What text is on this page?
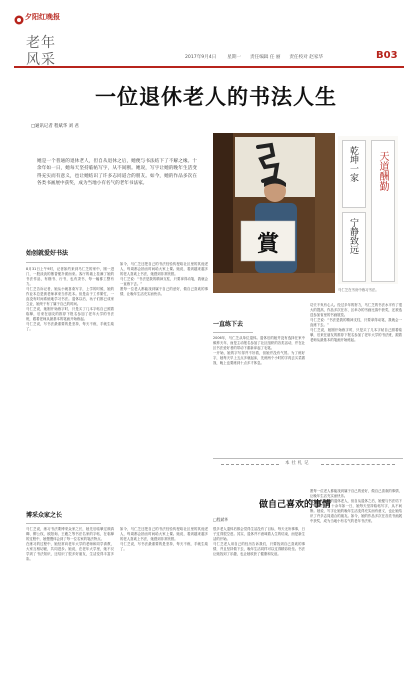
夕阳红晚报
老年风采	2017年9月4日 星期一 责任编辑 任 丽 责任校对 赵家华	B03
一位退休老人的书法人生
□通讯记者 程斌华 刘 君
她是一个普通的退休老人，但自从退休之后，她便与书法结下了不解之缘。十余年如一日，她每天坚持临帖写字，从不间断。她说，写字让她的晚年生活变得充实而有意义，也让她结识了许多志同道合的朋友。如今，她的作品多次在各类书画展中获奖，成为当地小有名气的老年书法家。
賞
乾坤一家	天道酬勤
宁静致远
马仁芝在书房中练习书法。
始创就爱好书法

8月31日上午9时，记者如约来到马仁芝的家中，刚一进门，一股淡淡的墨香便扑面而来。客厅的墙上挂满了她的书法作品，有楷书、行书，也有隶书，每一幅都工整有力。

马仁芝告诉记者，她从小就喜欢写字，上学的时候，她的作业本总是被老师拿来当作范本。但是由于工作繁忙，一直没有时间系统地学习书法。退休以后，孩子们都已成家立业，她终于有了属于自己的时间。

马仁芝说，她刚开始练字时，只是买了几本字帖自己照着临摹，后来在朋友的推荐下报名参加了老年大学的书法班，跟着老师从最基本的笔画开始练起。

马仁芝说，写书法最重要的是坚持，每天不练，手就生疏了。

如今，马仁芝还把自己的书法经验传授给社区里的其他老人，每周都会抽出时间给大家上课。她说，看到越来越多的老人喜欢上书法，她感到非常欣慰。

马仁芝说：“书法是我的精神支柱，只要拿得动笔，我就会一直练下去。”

愿每一位老人都能找到属于自己的爱好，做自己喜欢的事情，让晚年生活充实而快乐。

一直练下去

2006年，马仁芝从单位退休。退休后的她并没有选择在家中颐养天年，而是主动报名参加了社区组织的各类活动，并在社区书法爱好者的带动下重新拿起了毛笔。

一开始，她的字写得并不好看，但她并没有气馁。为了练好字，她每天早上五点多就起床，先练两个小时的字再去买菜做饭，晚上也要练到十点多才休息。

功夫不负有心人。经过多年的努力，马仁芝的书法水平有了很大的提高，作品多次在市、区举办的书画比赛中获奖，还被选送参加省里的书画展览。

马仁芝说：“书法是我的精神支柱，只要拿得动笔，我就会一直练下去。”

马仁芝说，她刚开始练字时，只是买了几本字帖自己照着临摹，后来在朋友的推荐下报名参加了老年大学的书法班，跟着老师从最基本的笔画开始练起。

博采众家之长

马仁芝说，练习书法要博采众家之长，她先后临摹过颜真卿、柳公权、欧阳询、王羲之等书法名家的字帖，在临摹的过程中，她慢慢体会到了每一位名家的笔法特点。

在练习的过程中，她经常向老年大学的老师和同学请教，大家互相切磋，共同进步。她说，在老年大学里，她不仅学到了书法知识，还结识了很多好朋友，生活变得丰富多彩。

如今，马仁芝还把自己的书法经验传授给社区里的其他老人，每周都会抽出时间给大家上课。她说，看到越来越多的老人喜欢上书法，她感到非常欣慰。

马仁芝说，写书法最重要的是坚持，每天不练，手就生疏了。

本社札记
做自己喜欢的事情
□程斌华

很多老人退休后都会觉得生活没有了目标，每天无所事事，日子过得很空虚。其实，退休并不意味着人生的结束，而是新生活的开始。

马仁芝老人用自己的经历告诉我们，只要找到自己喜欢的事情，并且坚持做下去，晚年生活同样可以过得精彩纷呈。书法让她找到了乐趣，也让她收获了健康和友谊。

愿每一位老人都能找到属于自己的爱好，做自己喜欢的事情，让晚年生活充实而快乐。

她是一个普通的退休老人，但自从退休之后，她便与书法结下了不解之缘。十余年如一日，她每天坚持临帖写字，从不间断。她说，写字让她的晚年生活变得充实而有意义，也让她结识了许多志同道合的朋友。如今，她的作品多次在各类书画展中获奖，成为当地小有名气的老年书法家。
